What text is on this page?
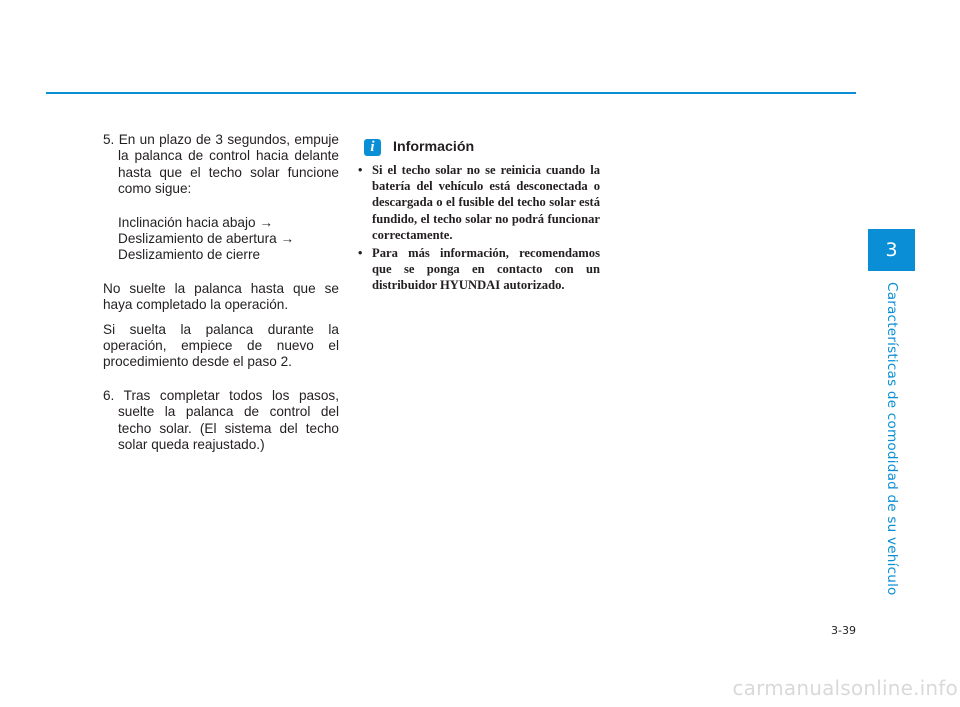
5. En un plazo de 3 segundos, empuje la palanca de control hacia delante hasta que el techo solar funcione como sigue:
Inclinación hacia abajo →
Deslizamiento de abertura →
Deslizamiento de cierre

No suelte la palanca hasta que se haya completado la operación.

Si suelta la palanca durante la operación, empiece de nuevo el procedimiento desde el paso 2.

6. Tras completar todos los pasos, suelte la palanca de control del techo solar. (El sistema del techo solar queda reajustado.)
i	Información
• Si el techo solar no se reinicia cuando la batería del vehículo está desconectada o descargada o el fusible del techo solar está fundido, el techo solar no podrá funcionar correctamente.
• Para más información, recomendamos que se ponga en contacto con un distribuidor HYUNDAI autorizado.
3
Características de comodidad de su vehículo
3-39
carmanualsonline.info
